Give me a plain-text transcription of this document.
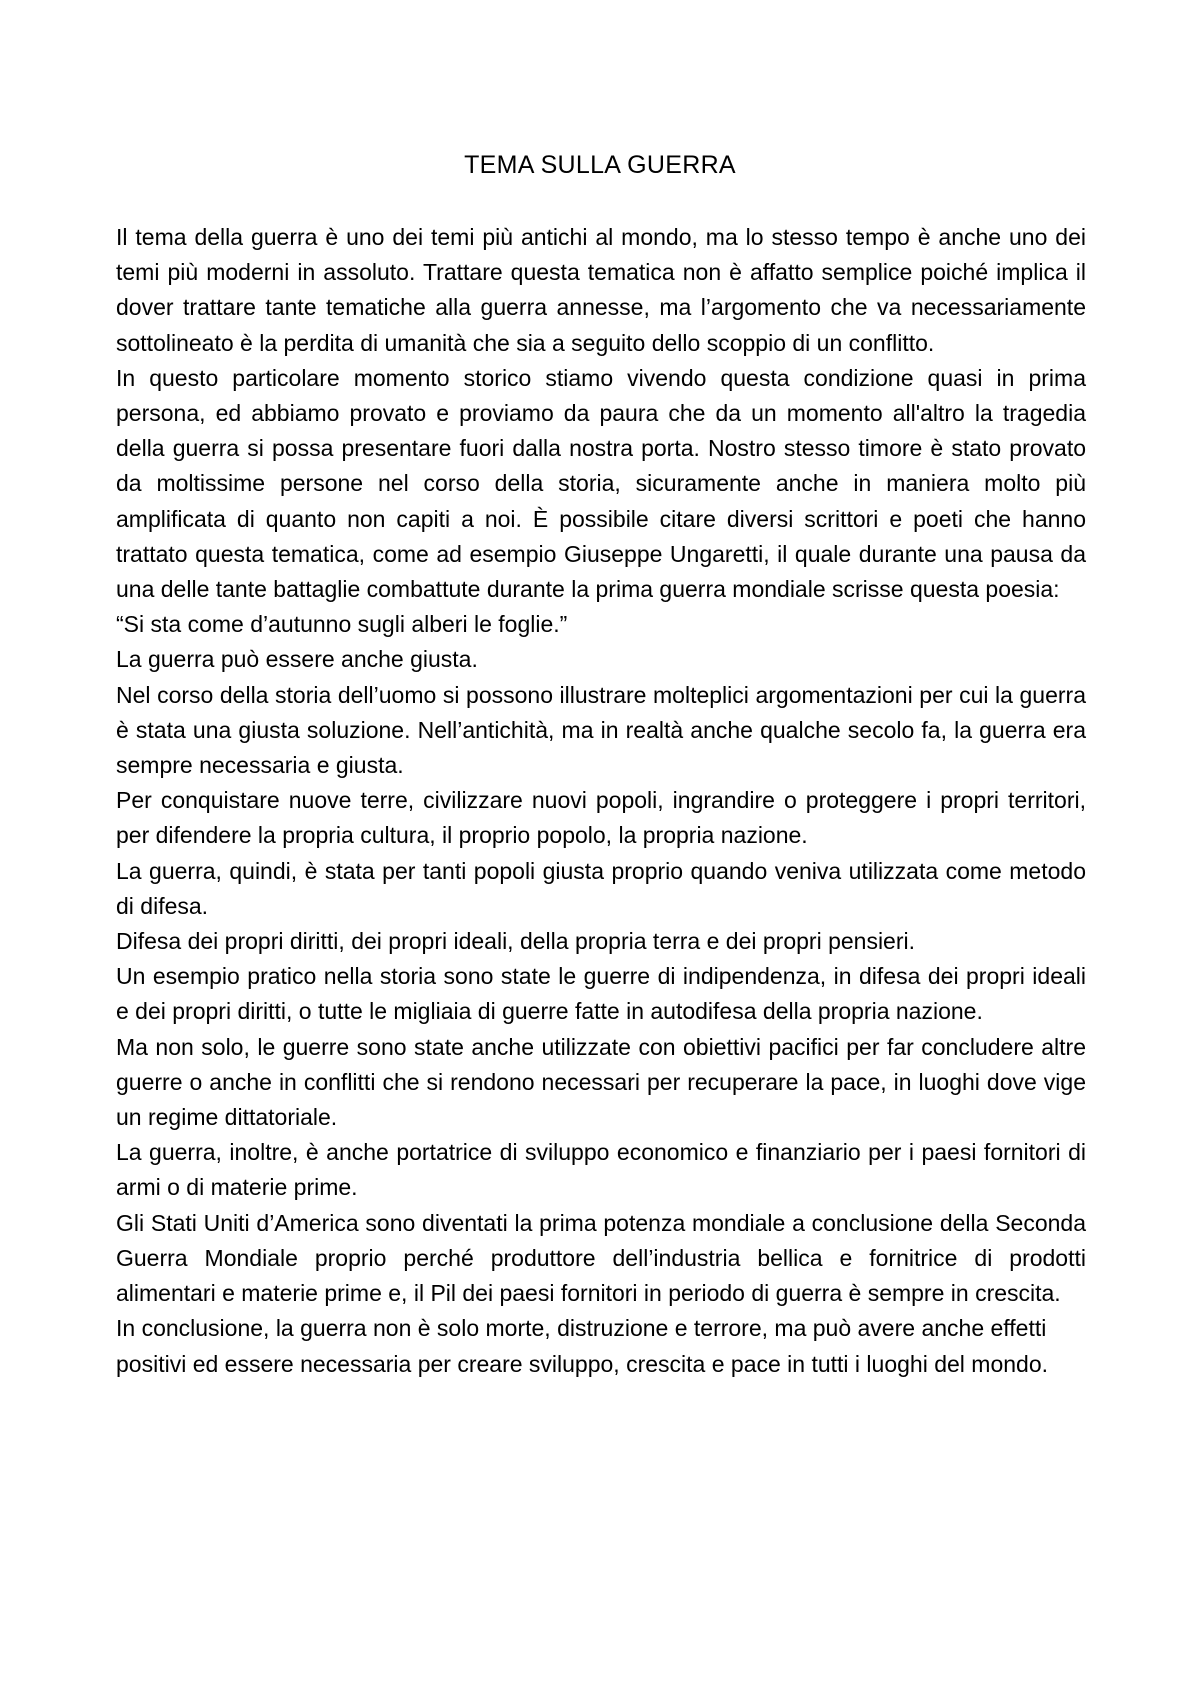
TEMA SULLA GUERRA

Il tema della guerra è uno dei temi più antichi al mondo, ma lo stesso tempo è anche uno dei temi più moderni in assoluto. Trattare questa tematica non è affatto semplice poiché implica il dover trattare tante tematiche alla guerra annesse, ma l’argomento che va necessariamente sottolineato è la perdita di umanità che sia a seguito dello scoppio di un conflitto.

In questo particolare momento storico stiamo vivendo questa condizione quasi in prima persona, ed abbiamo provato e proviamo da paura che da un momento all'altro la tragedia della guerra si possa presentare fuori dalla nostra porta. Nostro stesso timore è stato provato da moltissime persone nel corso della storia, sicuramente anche in maniera molto più amplificata di quanto non capiti a noi. È possibile citare diversi scrittori e poeti che hanno trattato questa tematica, come ad esempio Giuseppe Ungaretti, il quale durante una pausa da una delle tante battaglie combattute durante la prima guerra mondiale scrisse questa poesia:

“Si sta come d’autunno sugli alberi le foglie.”

La guerra può essere anche giusta.

Nel corso della storia dell’uomo si possono illustrare molteplici argomentazioni per cui la guerra è stata una giusta soluzione. Nell’antichità, ma in realtà anche qualche secolo fa, la guerra era sempre necessaria e giusta.

Per conquistare nuove terre, civilizzare nuovi popoli, ingrandire o proteggere i propri territori, per difendere la propria cultura, il proprio popolo, la propria nazione.

La guerra, quindi, è stata per tanti popoli giusta proprio quando veniva utilizzata come metodo di difesa.

Difesa dei propri diritti, dei propri ideali, della propria terra e dei propri pensieri.

Un esempio pratico nella storia sono state le guerre di indipendenza, in difesa dei propri ideali e dei propri diritti, o tutte le migliaia di guerre fatte in autodifesa della propria nazione.

Ma non solo, le guerre sono state anche utilizzate con obiettivi pacifici per far concludere altre guerre o anche in conflitti che si rendono necessari per recuperare la pace, in luoghi dove vige un regime dittatoriale.

La guerra, inoltre, è anche portatrice di sviluppo economico e finanziario per i paesi fornitori di armi o di materie prime.

Gli Stati Uniti d’America sono diventati la prima potenza mondiale a conclusione della Seconda Guerra Mondiale proprio perché produttore dell’industria bellica e fornitrice di prodotti alimentari e materie prime e, il Pil dei paesi fornitori in periodo di guerra è sempre in crescita.

In conclusione, la guerra non è solo morte, distruzione e terrore, ma può avere anche effetti positivi ed essere necessaria per creare sviluppo, crescita e pace in tutti i luoghi del mondo.
